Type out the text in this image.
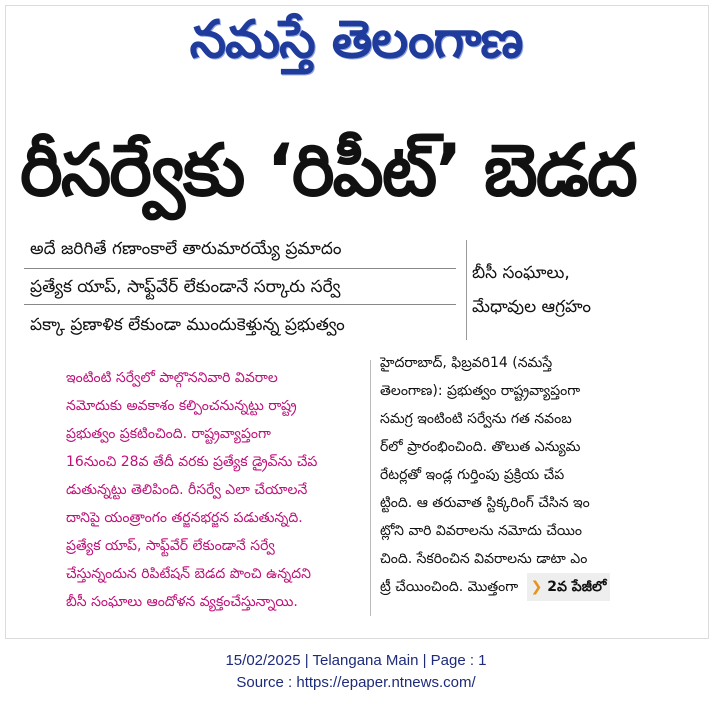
నమస్తే తెలంగాణ
రీసర్వేకు ‘రిపీట్’ బెడద
అదే జరిగితే గణాంకాలే తారుమారయ్యే ప్రమాదం
ప్రత్యేక యాప్, సాఫ్ట్‌వేర్ లేకుండానే సర్కారు సర్వే
పక్కా ప్రణాళిక లేకుండా ముందుకెళ్తున్న ప్రభుత్వం
బీసీ సంఘాలు,
మేధావుల ఆగ్రహం
ఇంటింటి సర్వేలో పాల్గొననివారి వివరాల
నమోదుకు అవకాశం కల్పించనున్నట్టు రాష్ట్ర
ప్రభుత్వం ప్రకటించింది. రాష్ట్రవ్యాప్తంగా
16నుంచి 28వ తేదీ వరకు ప్రత్యేక డ్రైవ్‌ను చేప
డుతున్నట్టు తెలిపింది. రీసర్వే ఎలా చేయాలనే
దానిపై యంత్రాంగం తర్జనభర్జన పడుతున్నది.
ప్రత్యేక యాప్, సాఫ్ట్‌వేర్ లేకుండానే సర్వే
చేస్తున్నందున రిపిటేషన్ బెడద పొంచి ఉన్నదని
బీసీ సంఘాలు ఆందోళన వ్యక్తంచేస్తున్నాయి.
హైదరాబాద్, ఫిబ్రవరి14 (నమస్తే
తెలంగాణ): ప్రభుత్వం రాష్ట్రవ్యాప్తంగా
సమగ్ర ఇంటింటి సర్వేను గత నవంబ
ర్‌లో ప్రారంభించింది. తొలుత ఎన్యుమ
రేటర్లతో ఇండ్ల గుర్తింపు ప్రక్రియ చేప
ట్టింది. ఆ తరువాత స్టిక్కరింగ్ చేసిన ఇం
ట్లోని వారి వివరాలను నమోదు చేయిం
చింది. సేకరించిన వివరాలను డాటా ఎం
ట్రీ చేయించింది. మొత్తంగా ❯ 2వ పేజీలో
15/02/2025 | Telangana Main | Page : 1
Source : https://epaper.ntnews.com/
